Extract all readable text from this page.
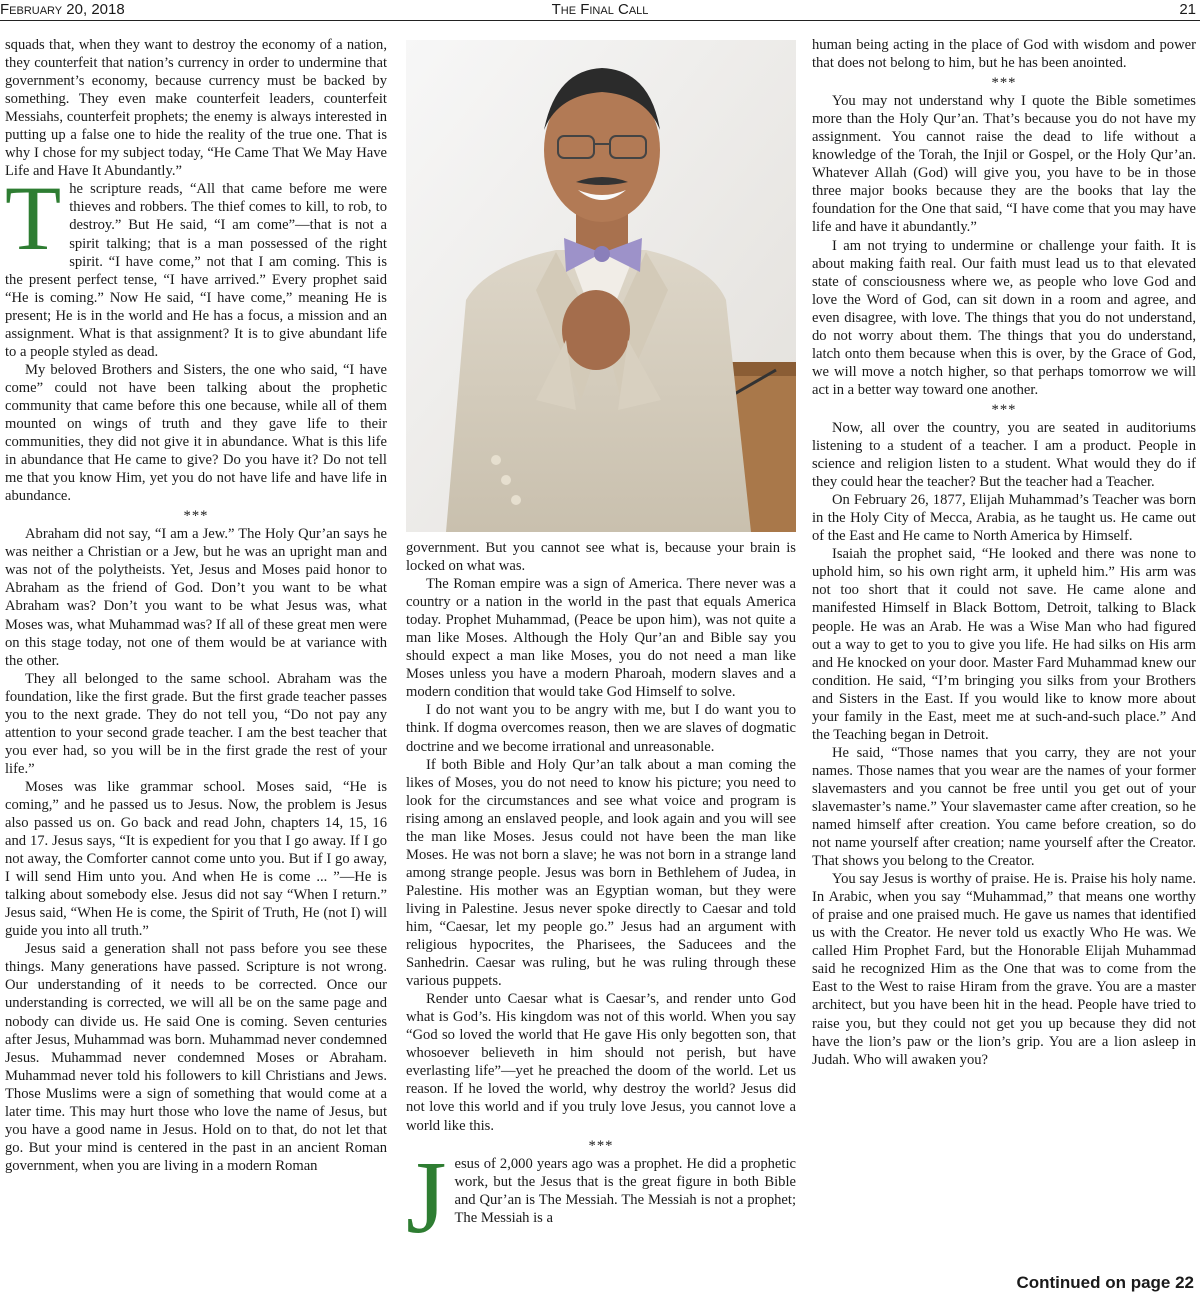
February 20, 2018	The Final Call	21

squads that, when they want to destroy the economy of a nation, they counterfeit that nation’s currency in order to undermine that government’s economy, because currency must be backed by something. They even make counterfeit leaders, counterfeit Messiahs, counterfeit prophets; the enemy is always interested in putting up a false one to hide the reality of the true one. That is why I chose for my subject today, “He Came That We May Have Life and Have It Abundantly.”

The scripture reads, “All that came before me were thieves and robbers. The thief comes to kill, to rob, to destroy.” But He said, “I am come”—that is not a spirit talking; that is a man possessed of the right spirit. “I have come,” not that I am coming. This is the present perfect tense, “I have arrived.” Every prophet said “He is coming.” Now He said, “I have come,” meaning He is present; He is in the world and He has a focus, a mission and an assignment. What is that assignment? It is to give abundant life to a people styled as dead.

My beloved Brothers and Sisters, the one who said, “I have come” could not have been talking about the prophetic community that came before this one because, while all of them mounted on wings of truth and they gave life to their communities, they did not give it in abundance. What is this life in abundance that He came to give? Do you have it? Do not tell me that you know Him, yet you do not have life and have life in abundance.

***

Abraham did not say, “I am a Jew.” The Holy Qur’an says he was neither a Christian or a Jew, but he was an upright man and was not of the polytheists. Yet, Jesus and Moses paid honor to Abraham as the friend of God. Don’t you want to be what Abraham was? Don’t you want to be what Jesus was, what Moses was, what Muhammad was? If all of these great men were on this stage today, not one of them would be at variance with the other.

They all belonged to the same school. Abraham was the foundation, like the first grade. But the first grade teacher passes you to the next grade. They do not tell you, “Do not pay any attention to your second grade teacher. I am the best teacher that you ever had, so you will be in the first grade the rest of your life.”

Moses was like grammar school. Moses said, “He is coming,” and he passed us to Jesus. Now, the problem is Jesus also passed us on. Go back and read John, chapters 14, 15, 16 and 17. Jesus says, “It is expedient for you that I go away. If I go not away, the Comforter cannot come unto you. But if I go away, I will send Him unto you. And when He is come ... ”—He is talking about somebody else. Jesus did not say “When I return.” Jesus said, “When He is come, the Spirit of Truth, He (not I) will guide you into all truth.”

Jesus said a generation shall not pass before you see these things. Many generations have passed. Scripture is not wrong. Our understanding of it needs to be corrected. Once our understanding is corrected, we will all be on the same page and nobody can divide us. He said One is coming. Seven centuries after Jesus, Muhammad was born. Muhammad never condemned Jesus. Muhammad never condemned Moses or Abraham. Muhammad never told his followers to kill Christians and Jews. Those Muslims were a sign of something that would come at a later time. This may hurt those who love the name of Jesus, but you have a good name in Jesus. Hold on to that, do not let that go. But your mind is centered in the past in an ancient Roman government, when you are living in a modern Roman

government. But you cannot see what is, because your brain is locked on what was.

The Roman empire was a sign of America. There never was a country or a nation in the world in the past that equals America today. Prophet Muhammad, (Peace be upon him), was not quite a man like Moses. Although the Holy Qur’an and Bible say you should expect a man like Moses, you do not need a man like Moses unless you have a modern Pharoah, modern slaves and a modern condition that would take God Himself to solve.

I do not want you to be angry with me, but I do want you to think. If dogma overcomes reason, then we are slaves of dogmatic doctrine and we become irrational and unreasonable.

If both Bible and Holy Qur’an talk about a man coming the likes of Moses, you do not need to know his picture; you need to look for the circumstances and see what voice and program is rising among an enslaved people, and look again and you will see the man like Moses. Jesus could not have been the man like Moses. He was not born a slave; he was not born in a strange land among strange people. Jesus was born in Bethlehem of Judea, in Palestine. His mother was an Egyptian woman, but they were living in Palestine. Jesus never spoke directly to Caesar and told him, “Caesar, let my people go.” Jesus had an argument with religious hypocrites, the Pharisees, the Saducees and the Sanhedrin. Caesar was ruling, but he was ruling through these various puppets.

Render unto Caesar what is Caesar’s, and render unto God what is God’s. His kingdom was not of this world. When you say “God so loved the world that He gave His only begotten son, that whosoever believeth in him should not perish, but have everlasting life”—yet he preached the doom of the world. Let us reason. If he loved the world, why destroy the world? Jesus did not love this world and if you truly love Jesus, you cannot love a world like this.

***

Jesus of 2,000 years ago was a prophet. He did a prophetic work, but the Jesus that is the great figure in both Bible and Qur’an is The Messiah. The Messiah is not a prophet; The Messiah is a

human being acting in the place of God with wisdom and power that does not belong to him, but he has been anointed.

***

You may not understand why I quote the Bible sometimes more than the Holy Qur’an. That’s because you do not have my assignment. You cannot raise the dead to life without a knowledge of the Torah, the Injil or Gospel, or the Holy Qur’an. Whatever Allah (God) will give you, you have to be in those three major books because they are the books that lay the foundation for the One that said, “I have come that you may have life and have it abundantly.”

I am not trying to undermine or challenge your faith. It is about making faith real. Our faith must lead us to that elevated state of consciousness where we, as people who love God and love the Word of God, can sit down in a room and agree, and even disagree, with love. The things that you do not understand, do not worry about them. The things that you do understand, latch onto them because when this is over, by the Grace of God, we will move a notch higher, so that perhaps tomorrow we will act in a better way toward one another.

***

Now, all over the country, you are seated in auditoriums listening to a student of a teacher. I am a product. People in science and religion listen to a student. What would they do if they could hear the teacher? But the teacher had a Teacher.

On February 26, 1877, Elijah Muhammad’s Teacher was born in the Holy City of Mecca, Arabia, as he taught us. He came out of the East and He came to North America by Himself.

Isaiah the prophet said, “He looked and there was none to uphold him, so his own right arm, it upheld him.” His arm was not too short that it could not save. He came alone and manifested Himself in Black Bottom, Detroit, talking to Black people. He was an Arab. He was a Wise Man who had figured out a way to get to you to give you life. He had silks on His arm and He knocked on your door. Master Fard Muhammad knew our condition. He said, “I’m bringing you silks from your Brothers and Sisters in the East. If you would like to know more about your family in the East, meet me at such-and-such place.” And the Teaching began in Detroit.

He said, “Those names that you carry, they are not your names. Those names that you wear are the names of your former slavemasters and you cannot be free until you get out of your slavemaster’s name.” Your slavemaster came after creation, so he named himself after creation. You came before creation, so do not name yourself after creation; name yourself after the Creator. That shows you belong to the Creator.

You say Jesus is worthy of praise. He is. Praise his holy name. In Arabic, when you say “Muhammad,” that means one worthy of praise and one praised much. He gave us names that identified us with the Creator. He never told us exactly Who He was. We called Him Prophet Fard, but the Honorable Elijah Muhammad said he recognized Him as the One that was to come from the East to the West to raise Hiram from the grave. You are a master architect, but you have been hit in the head. People have tried to raise you, but they could not get you up because they did not have the lion’s paw or the lion’s grip. You are a lion asleep in Judah. Who will awaken you?

Continued on page 22
